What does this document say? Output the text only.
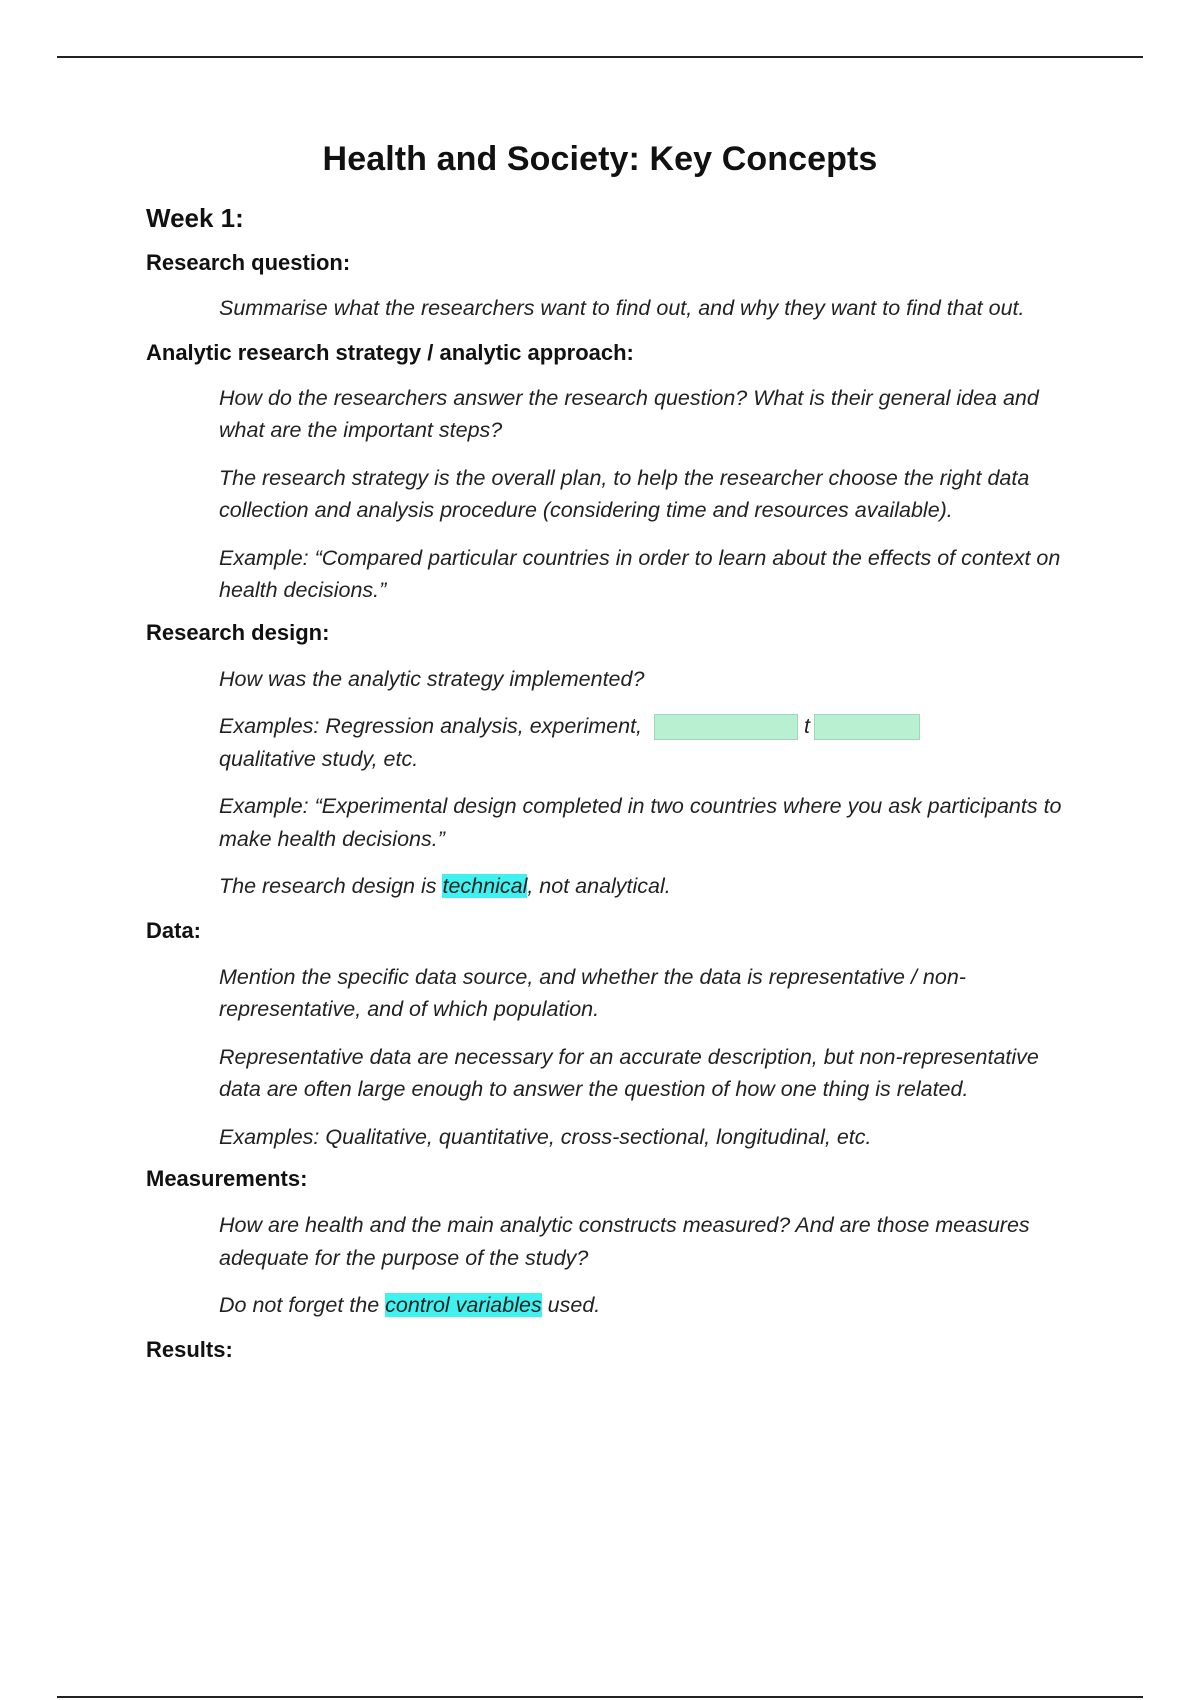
Health and Society: Key Concepts
Week 1:

Research question:

Summarise what the researchers want to find out, and why they want to find that out.

Analytic research strategy / analytic approach:

How do the researchers answer the research question? What is their general idea and what are the important steps?

The research strategy is the overall plan, to help the researcher choose the right data collection and analysis procedure (considering time and resources available).

Example: “Compared particular countries in order to learn about the effects of context on health decisions.”

Research design:

How was the analytic strategy implemented?

Examples: Regression analysis, experiment,	t
qualitative study, etc.

Example: “Experimental design completed in two countries where you ask participants to make health decisions.”

The research design is technical, not analytical.

Data:

Mention the specific data source, and whether the data is representative / non-representative, and of which population.

Representative data are necessary for an accurate description, but non-representative data are often large enough to answer the question of how one thing is related.

Examples: Qualitative, quantitative, cross-sectional, longitudinal, etc.

Measurements:

How are health and the main analytic constructs measured? And are those measures adequate for the purpose of the study?

Do not forget the control variables used.

Results:
